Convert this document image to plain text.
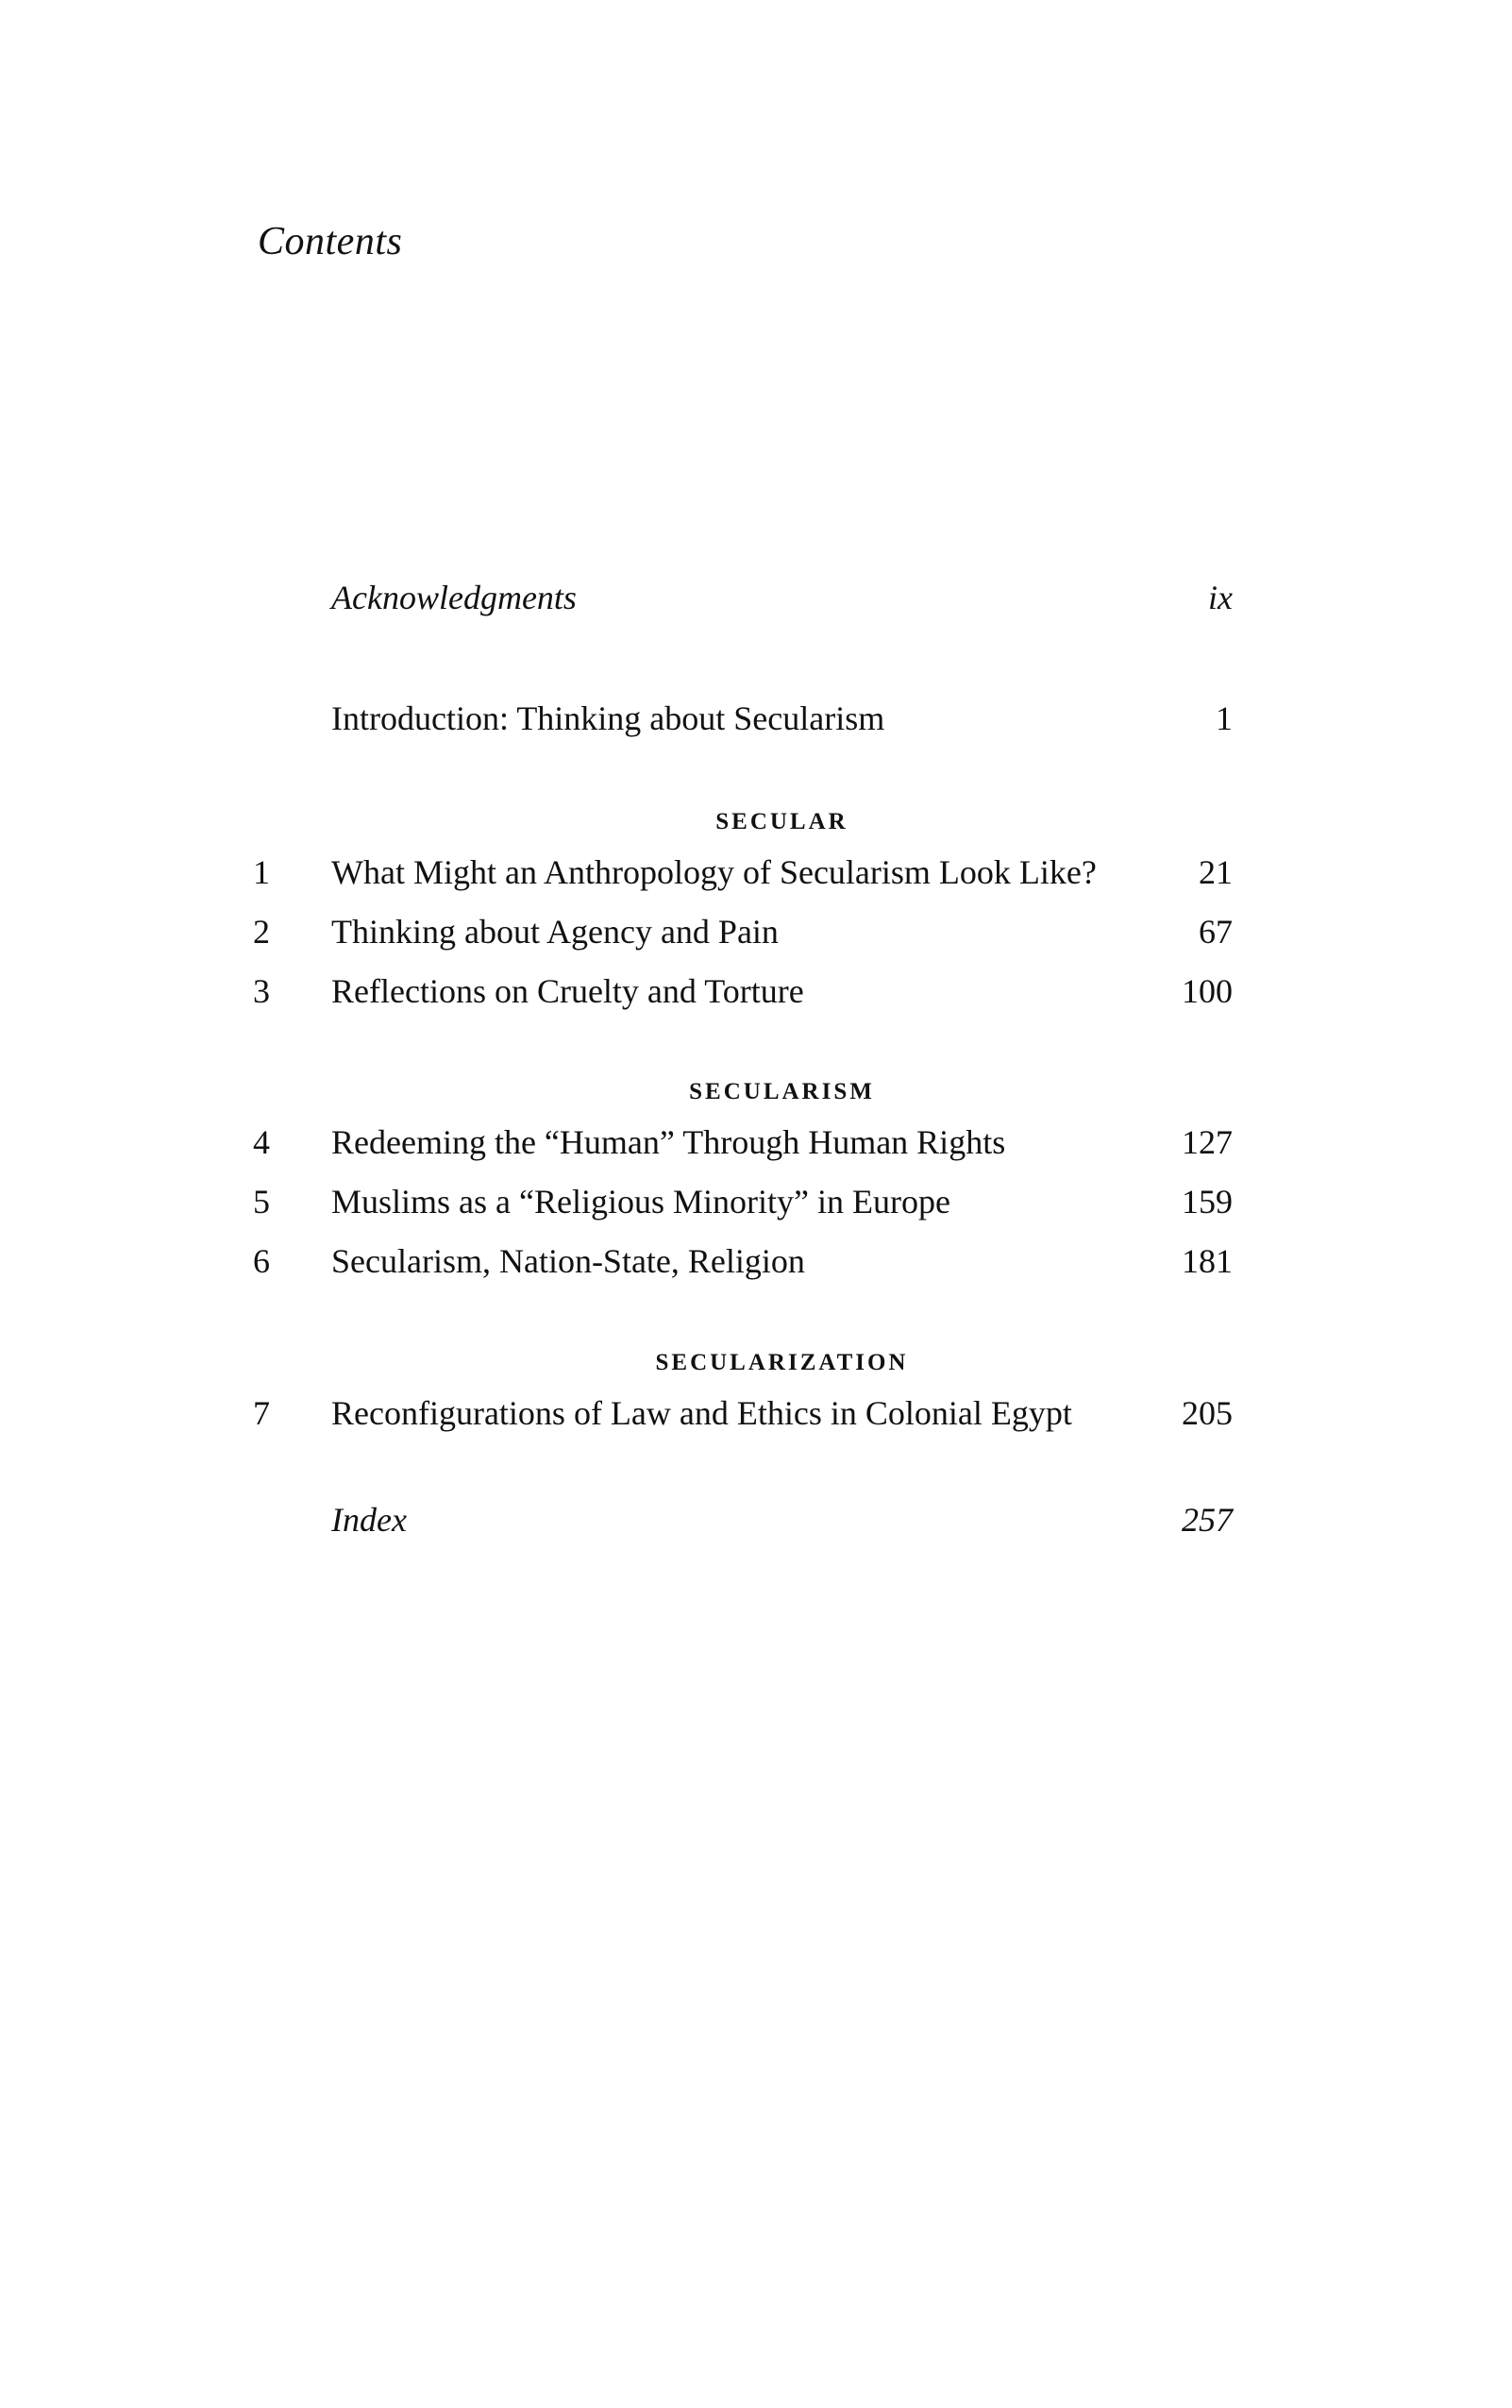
Contents
Acknowledgments	ix
Introduction: Thinking about Secularism	1
SECULAR
1	What Might an Anthropology of Secularism Look Like?	21
2	Thinking about Agency and Pain	67
3	Reflections on Cruelty and Torture	100
SECULARISM
4	Redeeming the “Human” Through Human Rights	127
5	Muslims as a “Religious Minority” in Europe	159
6	Secularism, Nation-State, Religion	181
SECULARIZATION
7	Reconfigurations of Law and Ethics in Colonial Egypt	205
Index	257
